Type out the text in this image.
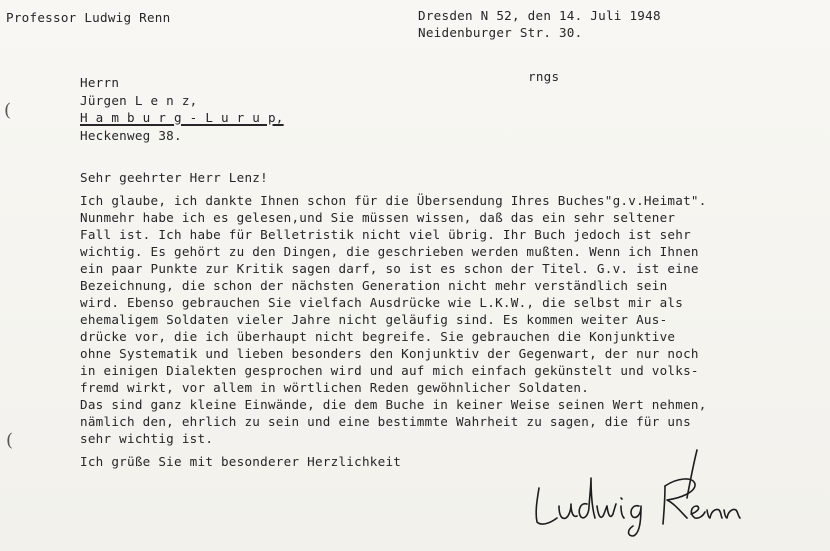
Professor Ludwig Renn	Dresden N 52, den 14. Juli 1948
Neidenburger Str. 30.
rngs
Herrn
Jürgen L e n z,
H a m b u r g - L u r u p,
Heckenweg 38.
Sehr geehrter Herr Lenz!
Ich glaube, ich dankte Ihnen schon für die Übersendung Ihres Buches"g.v.Heimat".
Nunmehr habe ich es gelesen,und Sie müssen wissen, daß das ein sehr seltener
Fall ist. Ich habe für Belletristik nicht viel übrig. Ihr Buch jedoch ist sehr
wichtig. Es gehört zu den Dingen, die geschrieben werden mußten. Wenn ich Ihnen
ein paar Punkte zur Kritik sagen darf, so ist es schon der Titel. G.v. ist eine
Bezeichnung, die schon der nächsten Generation nicht mehr verständlich sein
wird. Ebenso gebrauchen Sie vielfach Ausdrücke wie L.K.W., die selbst mir als
ehemaligem Soldaten vieler Jahre nicht geläufig sind. Es kommen weiter Aus-
drücke vor, die ich überhaupt nicht begreife. Sie gebrauchen die Konjunktive
ohne Systematik und lieben besonders den Konjunktiv der Gegenwart, der nur noch
in einigen Dialekten gesprochen wird und auf mich einfach gekünstelt und volks-
fremd wirkt, vor allem in wörtlichen Reden gewöhnlicher Soldaten.
Das sind ganz kleine Einwände, die dem Buche in keiner Weise seinen Wert nehmen,
nämlich den, ehrlich zu sein und eine bestimmte Wahrheit zu sagen, die für uns
sehr wichtig ist.
Ich grüße Sie mit besonderer Herzlichkeit
(
(
